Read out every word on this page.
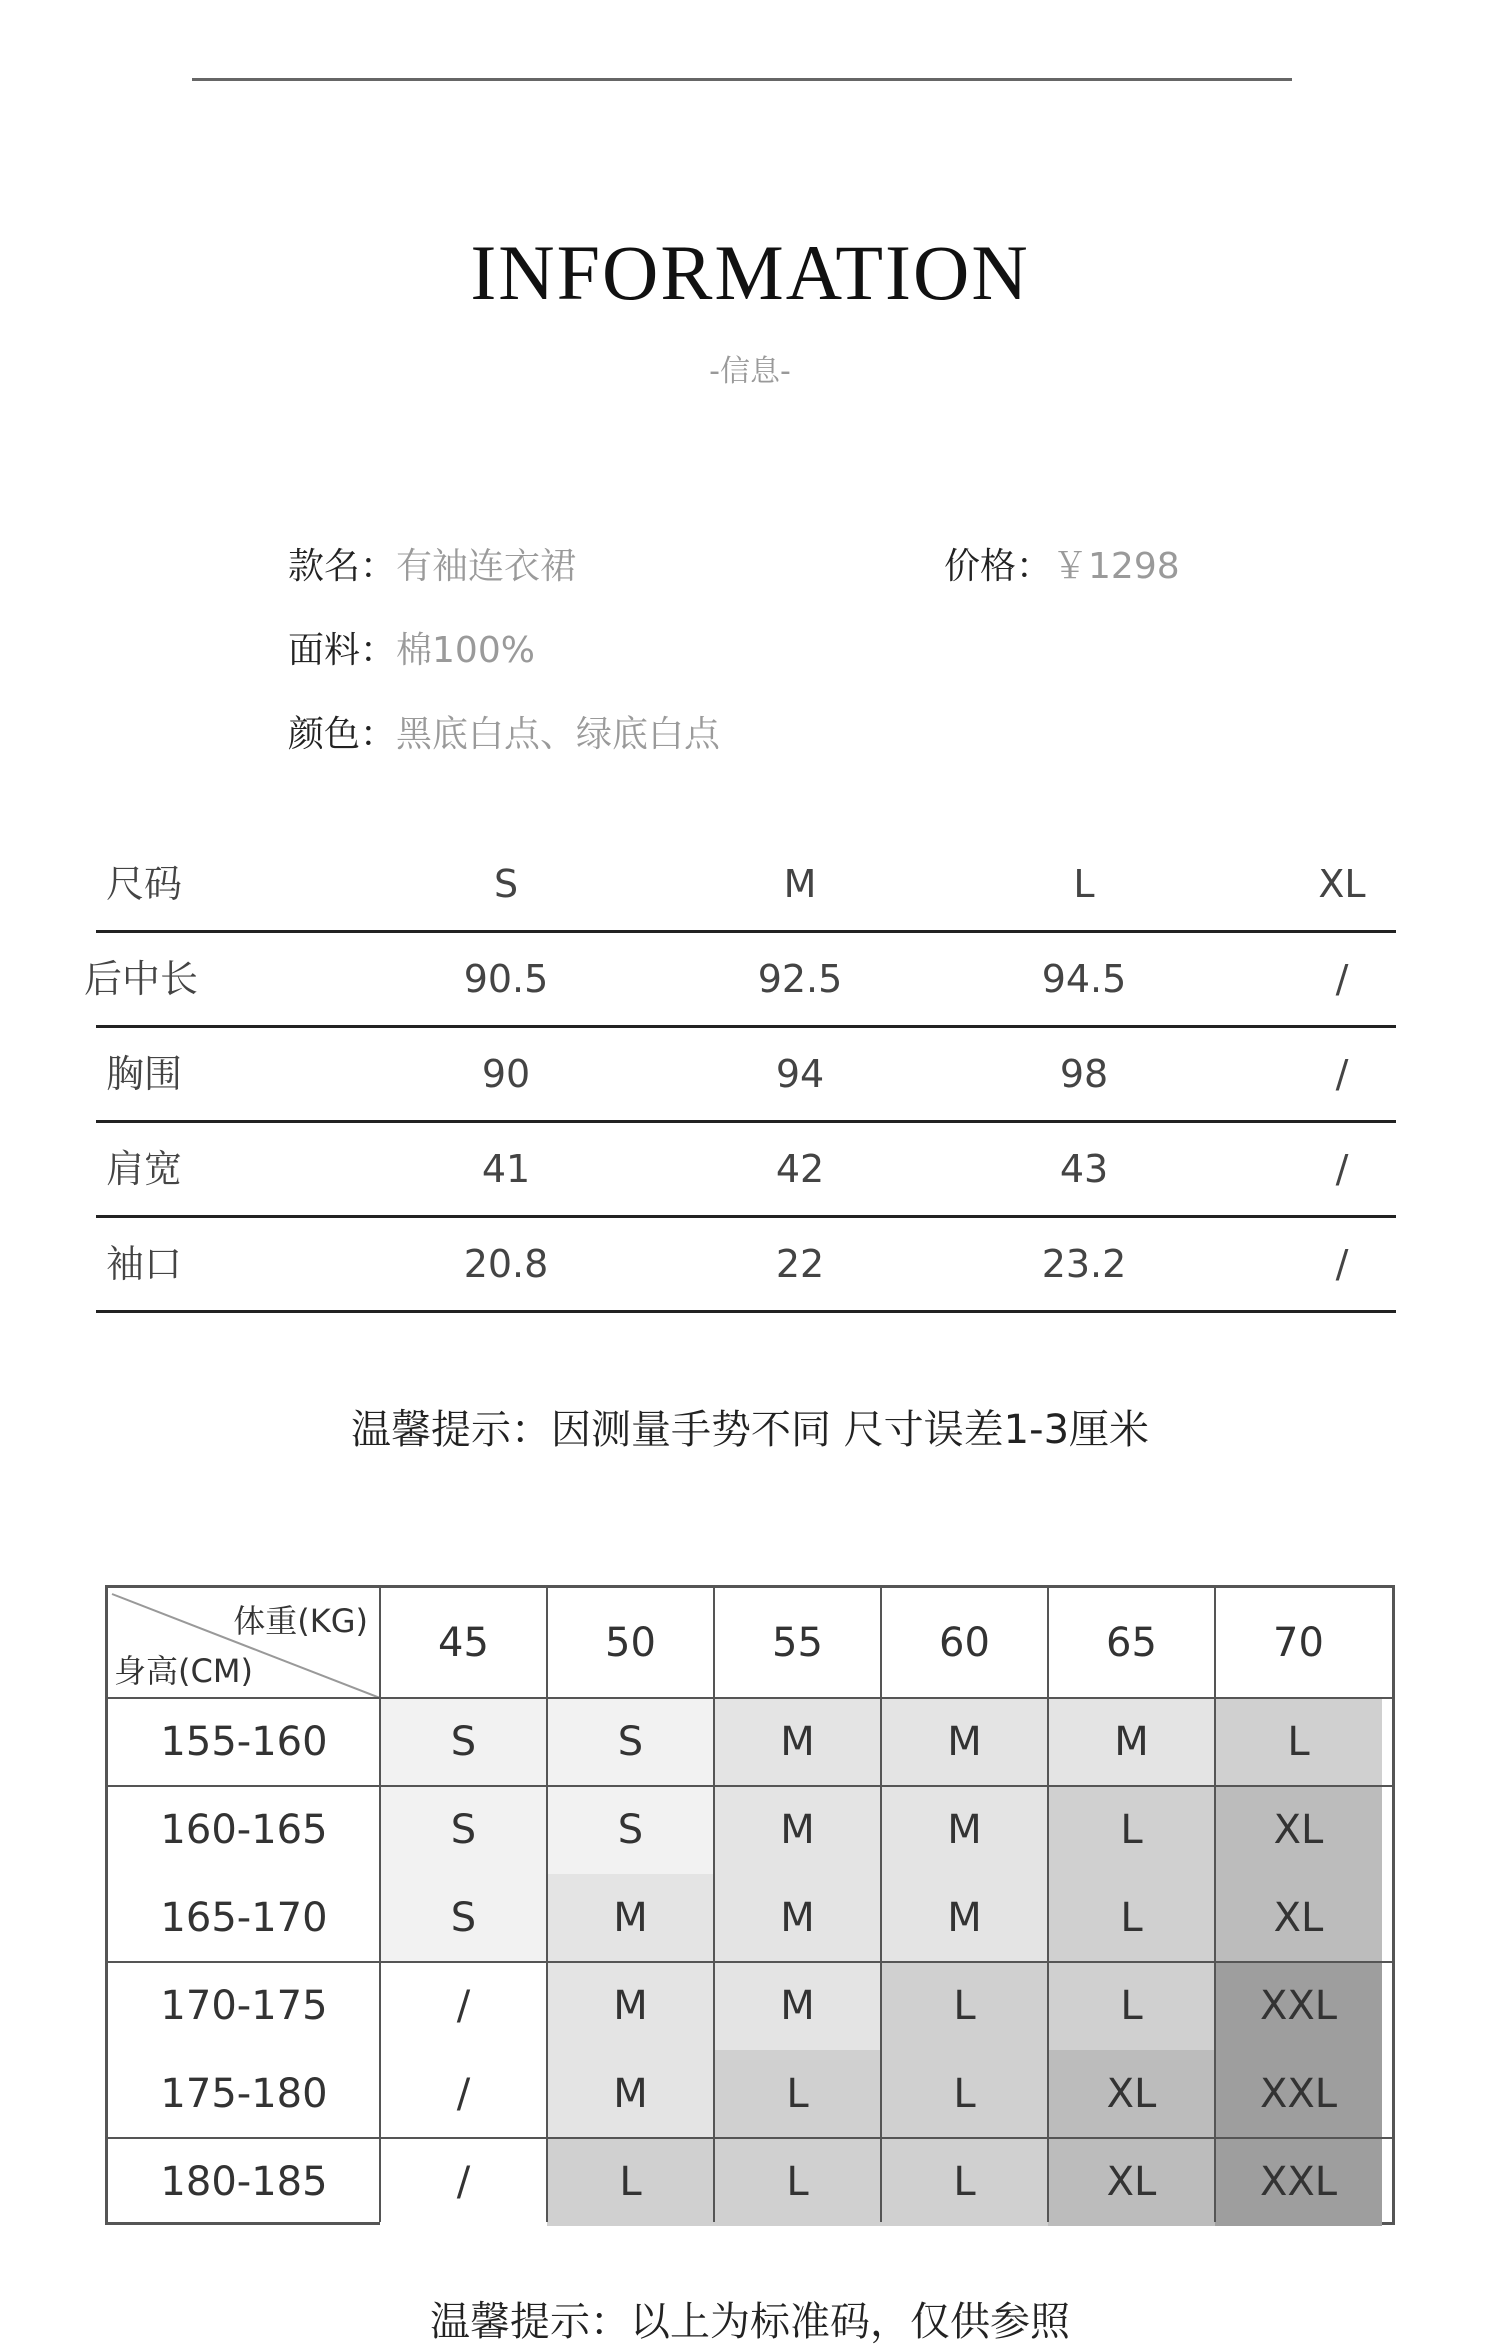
INFORMATION
-信息-
款名：有袖连衣裙	价格：￥1298
面料：棉100%
颜色：黑底白点、绿底白点
尺码	S	M	L	XL
后中长	90.5	92.5	94.5	/
胸围	90	94	98	/
肩宽	41	42	43	/
袖口	20.8	22	23.2	/
温馨提示：因测量手势不同 尺寸误差1-3厘米
体重(KG)
身高(CM)
45	50	55	60	65	70
155-160	S	S	M	M	M	L
160-165	S	S	M	M	L	XL
165-170	S	M	M	M	L	XL
170-175	/	M	M	L	L	XXL
175-180	/	M	L	L	XL	XXL
180-185	/	L	L	L	XL	XXL
温馨提示：以上为标准码，仅供参照
